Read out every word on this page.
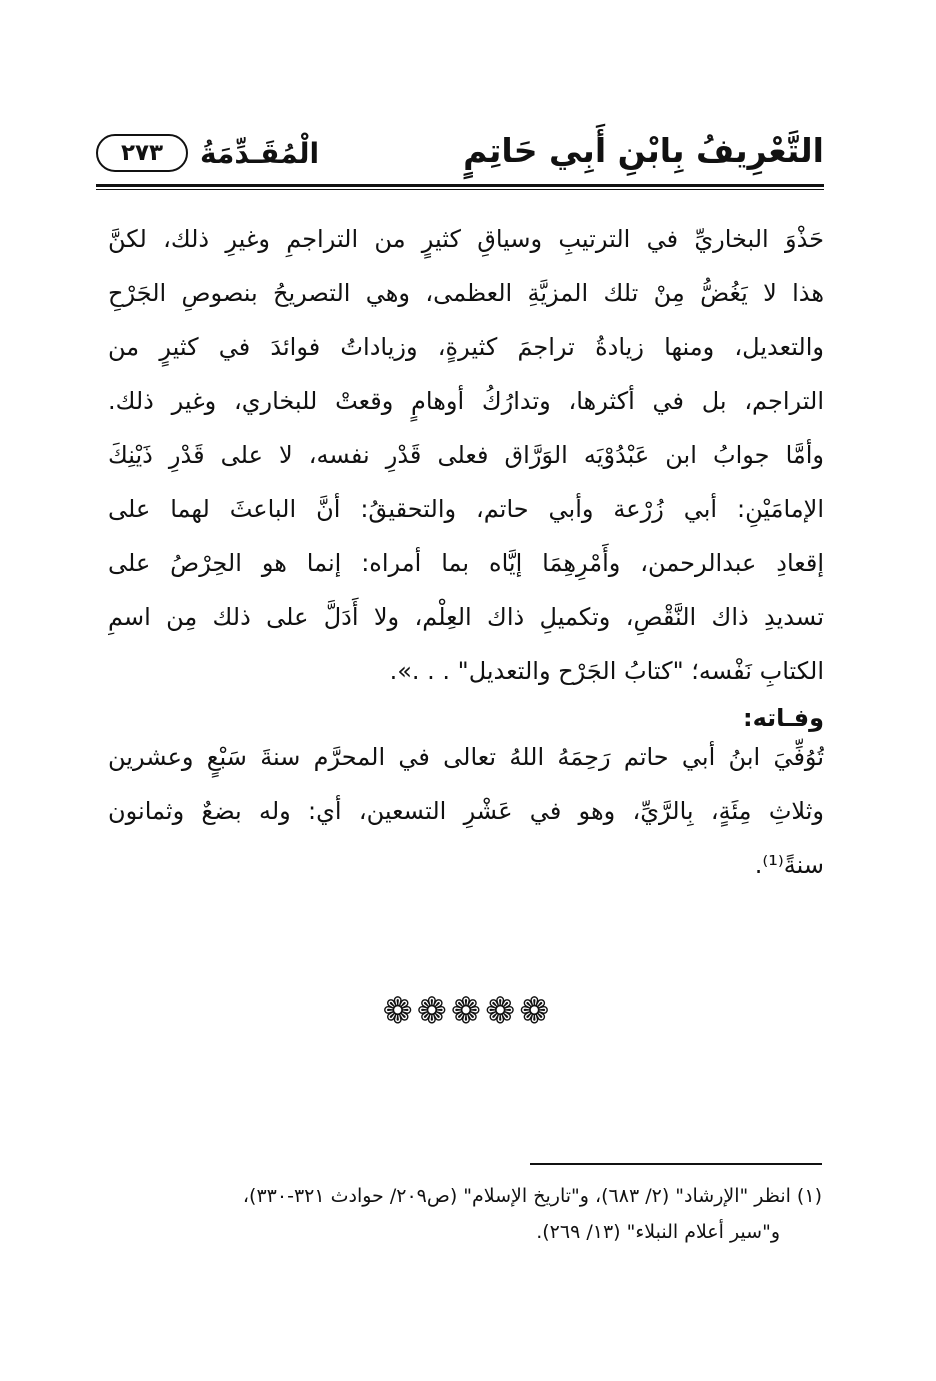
التَّعْرِيفُ بِابْنِ أَبِي حَاتِمٍ
الْمُقَـدِّمَةُ
٢٧٣
حَذْوَ البخاريِّ في الترتيبِ وسياقِ كثيرٍ من التراجمِ وغيرِ ذلك، لكنَّ
هذا لا يَغُضُّ مِنْ تلك المزيَّةِ العظمى، وهي التصريحُ بنصوصِ الجَرْحِ
والتعديل، ومنها زيادةُ تراجمَ كثيرةٍ، وزياداتُ فوائدَ في كثيرٍ من
التراجم، بل في أكثرها، وتدارُكُ أوهامٍ وقعتْ للبخاري، وغير ذلك.
وأمَّا جوابُ ابن عَبْدُوْيَه الوَرَّاق فعلى قَدْرِ نفسه، لا على قَدْرِ ذَيْنِكَ
الإمامَيْنِ: أبي زُرْعة وأبي حاتم، والتحقيقُ: أنَّ الباعثَ لهما على
إقعادِ عبدالرحمن، وأَمْرِهِمَا إيَّاه بما أمراه: إنما هو الحِرْصُ على
تسديدِ ذاك النَّقْصِ، وتكميلِ ذاك العِلْم، ولا أَدَلَّ على ذلك مِن اسمِ
الكتابِ نَفْسه؛ "كتابُ الجَرْح والتعديل" . . .».
وفـاته:
تُوُفِّيَ ابنُ أبي حاتم رَحِمَهُ اللهُ تعالى في المحرَّم سنةَ سَبْعٍ وعشرين
وثلاثِ مِئَةٍ، بِالرَّيِّ، وهو في عَشْرِ التسعين، أي: وله بضعٌ وثمانون
سنةً⁽¹⁾.
❁❁❁❁❁
(١) انظر "الإرشاد" (٢/ ٦٨٣)، و"تاريخ الإسلام" (ص٢٠٩/ حوادث ٣٢١-٣٣٠)،
و"سير أعلام النبلاء" (١٣/ ٢٦٩).
